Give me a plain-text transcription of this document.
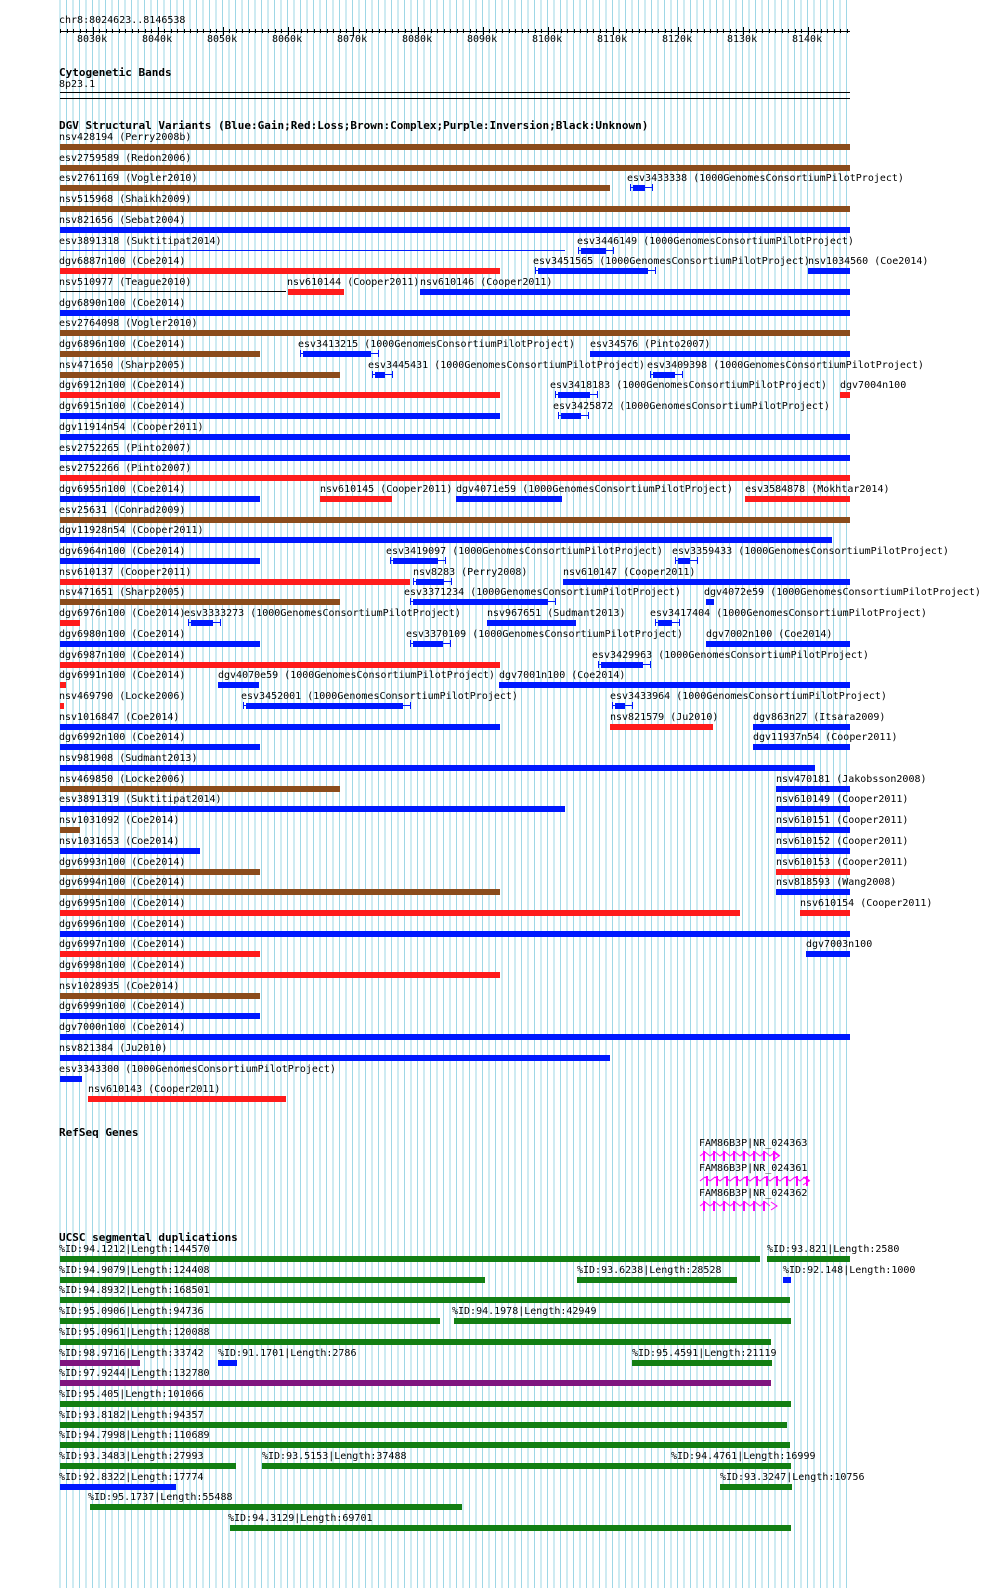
chr8:8024623..8146538
8030k	8040k	8050k	8060k	8070k	8080k	8090k	8100k	8110k	8120k	8130k	8140k
Cytogenetic Bands
8p23.1
DGV Structural Variants (Blue:Gain;Red:Loss;Brown:Complex;Purple:Inversion;Black:Unknown)
nsv428194 (Perry2008b)
esv2759589 (Redon2006)
esv2761169 (Vogler2010)	esv3433338 (1000GenomesConsortiumPilotProject)
nsv515968 (Shaikh2009)
nsv821656 (Sebat2004)
esv3891318 (Suktitipat2014)	esv3446149 (1000GenomesConsortiumPilotProject)
dgv6887n100 (Coe2014)	esv3451565 (1000GenomesConsortiumPilotProject)
nsv1034560 (Coe2014)
nsv510977 (Teague2010)	nsv610144 (Cooper2011) nsv610146 (Cooper2011)
dgv6890n100 (Coe2014)
esv2764098 (Vogler2010)
dgv6896n100 (Coe2014)	esv3413215 (1000GenomesConsortiumPilotProject) esv34576 (Pinto2007)
nsv471650 (Sharp2005)	esv3445431 (1000GenomesConsortiumPilotProject) esv3409398 (1000GenomesConsortiumPilotProject)
dgv6912n100 (Coe2014)	esv3418183 (1000GenomesConsortiumPilotProject) dgv7004n100
dgv6915n100 (Coe2014)	esv3425872 (1000GenomesConsortiumPilotProject)
dgv11914n54 (Cooper2011)
esv2752265 (Pinto2007)
esv2752266 (Pinto2007)
dgv6955n100 (Coe2014)	nsv610145 (Cooper2011) dgv4071e59 (1000GenomesConsortiumPilotProject) esv3584878 (Mokhtar2014)
esv25631 (Conrad2009)
dgv11928n54 (Cooper2011)
dgv6964n100 (Coe2014)	esv3419097 (1000GenomesConsortiumPilotProject) esv3359433 (1000GenomesConsortiumPilotProject)
nsv610137 (Cooper2011)	nsv8283 (Perry2008)	nsv610147 (Cooper2011)
nsv471651 (Sharp2005)	esv3371234 (1000GenomesConsortiumPilotProject) dgv4072e59 (1000GenomesConsortiumPilotProject)
dgv6976n100 (Coe2014)
esv3333273 (1000GenomesConsortiumPilotProject)	nsv967651 (Sudmant2013) esv3417404 (1000GenomesConsortiumPilotProject)
dgv6980n100 (Coe2014)	esv3370109 (1000GenomesConsortiumPilotProject) dgv7002n100 (Coe2014)
dgv6987n100 (Coe2014)	esv3429963 (1000GenomesConsortiumPilotProject)
dgv6991n100 (Coe2014)	dgv4070e59 (1000GenomesConsortiumPilotProject) dgv7001n100 (Coe2014)
nsv469790 (Locke2006)	esv3452001 (1000GenomesConsortiumPilotProject)	esv3433964 (1000GenomesConsortiumPilotProject)
nsv1016847 (Coe2014)	nsv821579 (Ju2010)	dgv863n27 (Itsara2009)
dgv6992n100 (Coe2014)	dgv11937n54 (Cooper2011)
nsv981908 (Sudmant2013)
nsv469850 (Locke2006)	nsv470181 (Jakobsson2008)
esv3891319 (Suktitipat2014)	nsv610149 (Cooper2011)
nsv1031092 (Coe2014)	nsv610151 (Cooper2011)
nsv1031653 (Coe2014)	nsv610152 (Cooper2011)
dgv6993n100 (Coe2014)	nsv610153 (Cooper2011)
dgv6994n100 (Coe2014)	nsv818593 (Wang2008)
dgv6995n100 (Coe2014)	nsv610154 (Cooper2011)
dgv6996n100 (Coe2014)
dgv6997n100 (Coe2014)	dgv7003n100
dgv6998n100 (Coe2014)
nsv1028935 (Coe2014)
dgv6999n100 (Coe2014)
dgv7000n100 (Coe2014)
nsv821384 (Ju2010)
esv3343300 (1000GenomesConsortiumPilotProject)
nsv610143 (Cooper2011)
RefSeq Genes
FAM86B3P|NR_024363
FAM86B3P|NR_024361
FAM86B3P|NR_024362
UCSC segmental duplications
%ID:94.1212|Length:144570	%ID:93.821|Length:2580
%ID:94.9079|Length:124408	%ID:93.6238|Length:28528	%ID:92.148|Length:1000
%ID:94.8932|Length:168501
%ID:95.0906|Length:94736	%ID:94.1978|Length:42949
%ID:95.0961|Length:120088
%ID:98.9716|Length:33742 %ID:91.1701|Length:2786	%ID:95.4591|Length:21119
%ID:97.9244|Length:132780
%ID:95.405|Length:101066
%ID:93.8182|Length:94357
%ID:94.7998|Length:110689
%ID:93.3483|Length:27993	%ID:93.5153|Length:37488	%ID:94.4761|Length:16999
%ID:92.8322|Length:17774	%ID:93.3247|Length:10756
%ID:95.1737|Length:55488
%ID:94.3129|Length:69701
